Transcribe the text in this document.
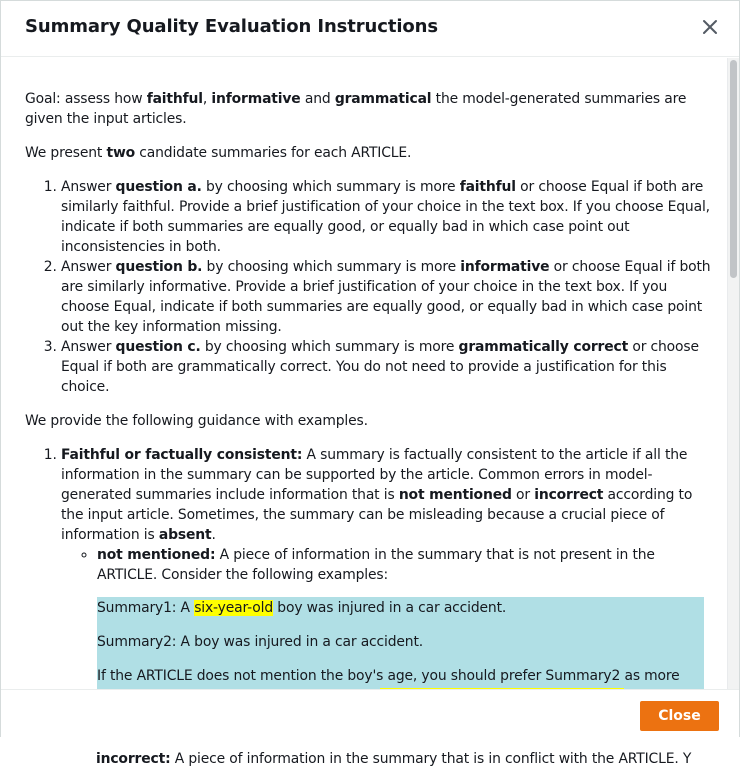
Summary Quality Evaluation Instructions

Goal: assess how faithful, informative and grammatical the model-generated summaries are given the input articles.

We present two candidate summaries for each ARTICLE.

1. Answer question a. by choosing which summary is more faithful or choose Equal if both are similarly faithful. Provide a brief justification of your choice in the text box. If you choose Equal, indicate if both summaries are equally good, or equally bad in which case point out inconsistencies in both.
2. Answer question b. by choosing which summary is more informative or choose Equal if both are similarly informative. Provide a brief justification of your choice in the text box. If you choose Equal, indicate if both summaries are equally good, or equally bad in which case point out the key information missing.
3. Answer question c. by choosing which summary is more grammatically correct or choose Equal if both are grammatically correct. You do not need to provide a justification for this choice.

We provide the following guidance with examples.

1. Faithful or factually consistent: A summary is factually consistent to the article if all the information in the summary can be supported by the article. Common errors in model-generated summaries include information that is not mentioned or incorrect according to the input article. Sometimes, the summary can be misleading because a crucial piece of information is absent.
◦ not mentioned: A piece of information in the summary that is not present in the ARTICLE. Consider the following examples:

Summary1: A six-year-old boy was injured in a car accident.

Summary2: A boy was injured in a car accident.

If the ARTICLE does not mention the boy's age, you should prefer Summary2 as more

incorrect: A piece of information in the summary that is in conflict with the ARTICLE. Y
Close
